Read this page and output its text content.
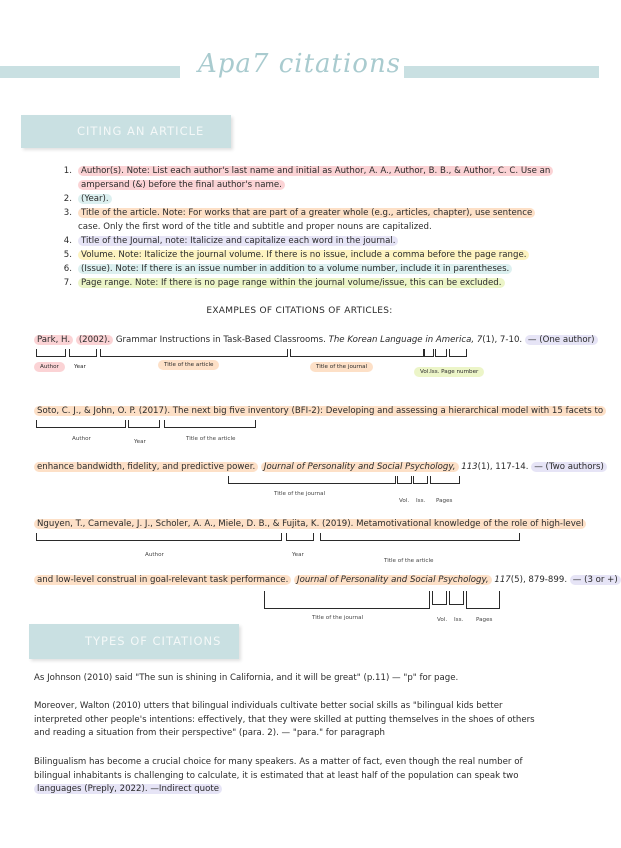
Apa7 citations
CITING AN ARTICLE
1. Author(s). Note: List each author's last name and initial as Author, A. A., Author, B. B., & Author, C. C. Use an
ampersand (&) before the final author's name.
2. (Year).
3. Title of the article. Note: For works that are part of a greater whole (e.g., articles, chapter), use sentence
case. Only the first word of the title and subtitle and proper nouns are capitalized.
4. Title of the Journal, note: Italicize and capitalize each word in the journal.
5. Volume. Note: Italicize the journal volume. If there is no issue, include a comma before the page range.
6. (Issue). Note: If there is an issue number in addition to a volume number, include it in parentheses.
7. Page range. Note: If there is no page range within the journal volume/issue, this can be excluded.
EXAMPLES OF CITATIONS OF ARTICLES:
Park, H. (2002). Grammar Instructions in Task-Based Classrooms. The Korean Language in America, 7(1), 7-10. — (One author)
Author	Year	Title of the article	Title of the journal
Vol.Iss. Page number
Soto, C. J., & John, O. P. (2017). The next big five inventory (BFI-2): Developing and assessing a hierarchical model with 15 facets to
Author	Year	Title of the article
enhance bandwidth, fidelity, and predictive power. Journal of Personality and Social Psychology, 113(1), 117-14. — (Two authors)
Title of the journal
Vol. Iss. Pages
Nguyen, T., Carnevale, J. J., Scholer, A. A., Miele, D. B., & Fujita, K. (2019). Metamotivational knowledge of the role of high-level
Author	Year
Title of the article
and low-level construal in goal-relevant task performance. Journal of Personality and Social Psychology, 117(5), 879-899. — (3 or +)
Title of the journal	Vol. Iss. Pages
TYPES OF CITATIONS
As Johnson (2010) said "The sun is shining in California, and it will be great" (p.11) — "p" for page.
Moreover, Walton (2010) utters that bilingual individuals cultivate better social skills as "bilingual kids better
interpreted other people's intentions: effectively, that they were skilled at putting themselves in the shoes of others
and reading a situation from their perspective" (para. 2). — "para." for paragraph
Bilingualism has become a crucial choice for many speakers. As a matter of fact, even though the real number of
bilingual inhabitants is challenging to calculate, it is estimated that at least half of the population can speak two
languages (Preply, 2022). —Indirect quote
